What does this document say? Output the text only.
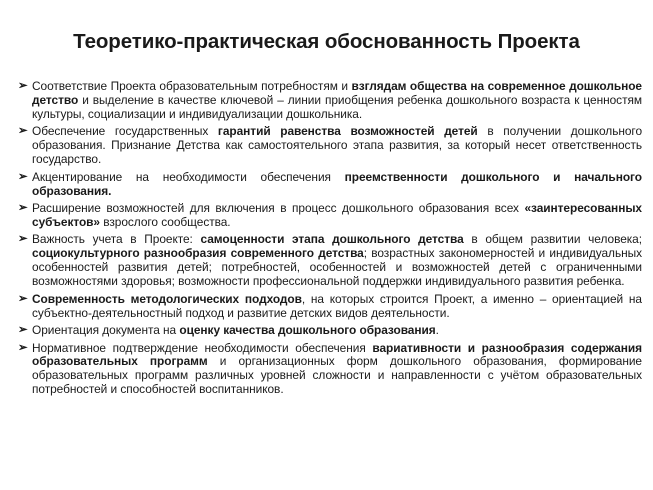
Теоретико-практическая обоснованность Проекта
➢ Соответствие Проекта образовательным потребностям и взглядам общества на современное дошкольное детство и выделение в качестве ключевой – линии приобщения ребенка дошкольного возраста к ценностям культуры, социализации и индивидуализации дошкольника.
➢ Обеспечение государственных гарантий равенства возможностей детей в получении дошкольного образования. Признание Детства как самостоятельного этапа развития, за который несет ответственность государство.
➢ Акцентирование на необходимости обеспечения преемственности дошкольного и начального образования.
➢ Расширение возможностей для включения в процесс дошкольного образования всех «заинтересованных субъектов» взрослого сообщества.
➢ Важность учета в Проекте: самоценности этапа дошкольного детства в общем развитии человека; социокультурного разнообразия современного детства; возрастных закономерностей и индивидуальных особенностей развития детей; потребностей, особенностей и возможностей детей с ограниченными возможностями здоровья; возможности профессиональной поддержки индивидуального развития ребенка.
➢ Современность методологических подходов, на которых строится Проект, а именно – ориентацией на субъектно-деятельностный подход и развитие детских видов деятельности.
➢ Ориентация документа на оценку качества дошкольного образования.
➢ Нормативное подтверждение необходимости обеспечения вариативности и разнообразия содержания образовательных программ и организационных форм дошкольного образования, формирование образовательных программ различных уровней сложности и направленности с учётом образовательных потребностей и способностей воспитанников.
